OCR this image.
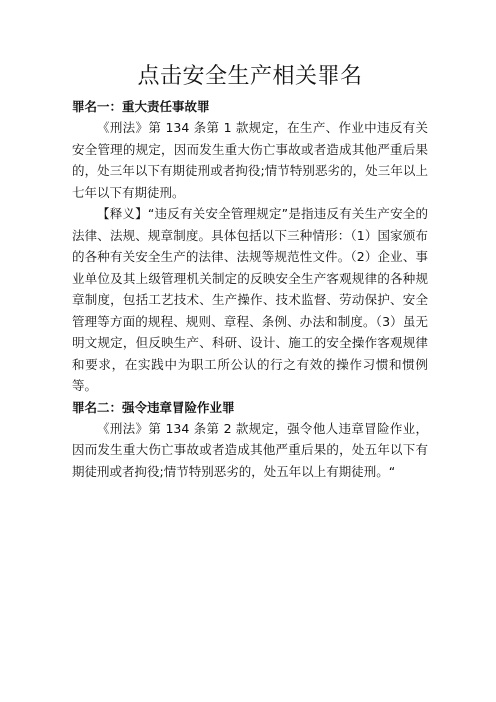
点击安全生产相关罪名

罪名一：重大责任事故罪

《刑法》第 134 条第 1 款规定，在生产、作业中违反有关安全管理的规定，因而发生重大伤亡事故或者造成其他严重后果的，处三年以下有期徒刑或者拘役;情节特别恶劣的，处三年以上七年以下有期徒刑。

【释义】“违反有关安全管理规定”是指违反有关生产安全的法律、法规、规章制度。具体包括以下三种情形：（1）国家颁布的各种有关安全生产的法律、法规等规范性文件。（2）企业、事业单位及其上级管理机关制定的反映安全生产客观规律的各种规章制度，包括工艺技术、生产操作、技术监督、劳动保护、安全管理等方面的规程、规则、章程、条例、办法和制度。（3）虽无明文规定，但反映生产、科研、设计、施工的安全操作客观规律和要求，在实践中为职工所公认的行之有效的操作习惯和惯例等。

罪名二：强令违章冒险作业罪

《刑法》第 134 条第 2 款规定，强令他人违章冒险作业，因而发生重大伤亡事故或者造成其他严重后果的，处五年以下有期徒刑或者拘役;情节特别恶劣的，处五年以上有期徒刑。“
